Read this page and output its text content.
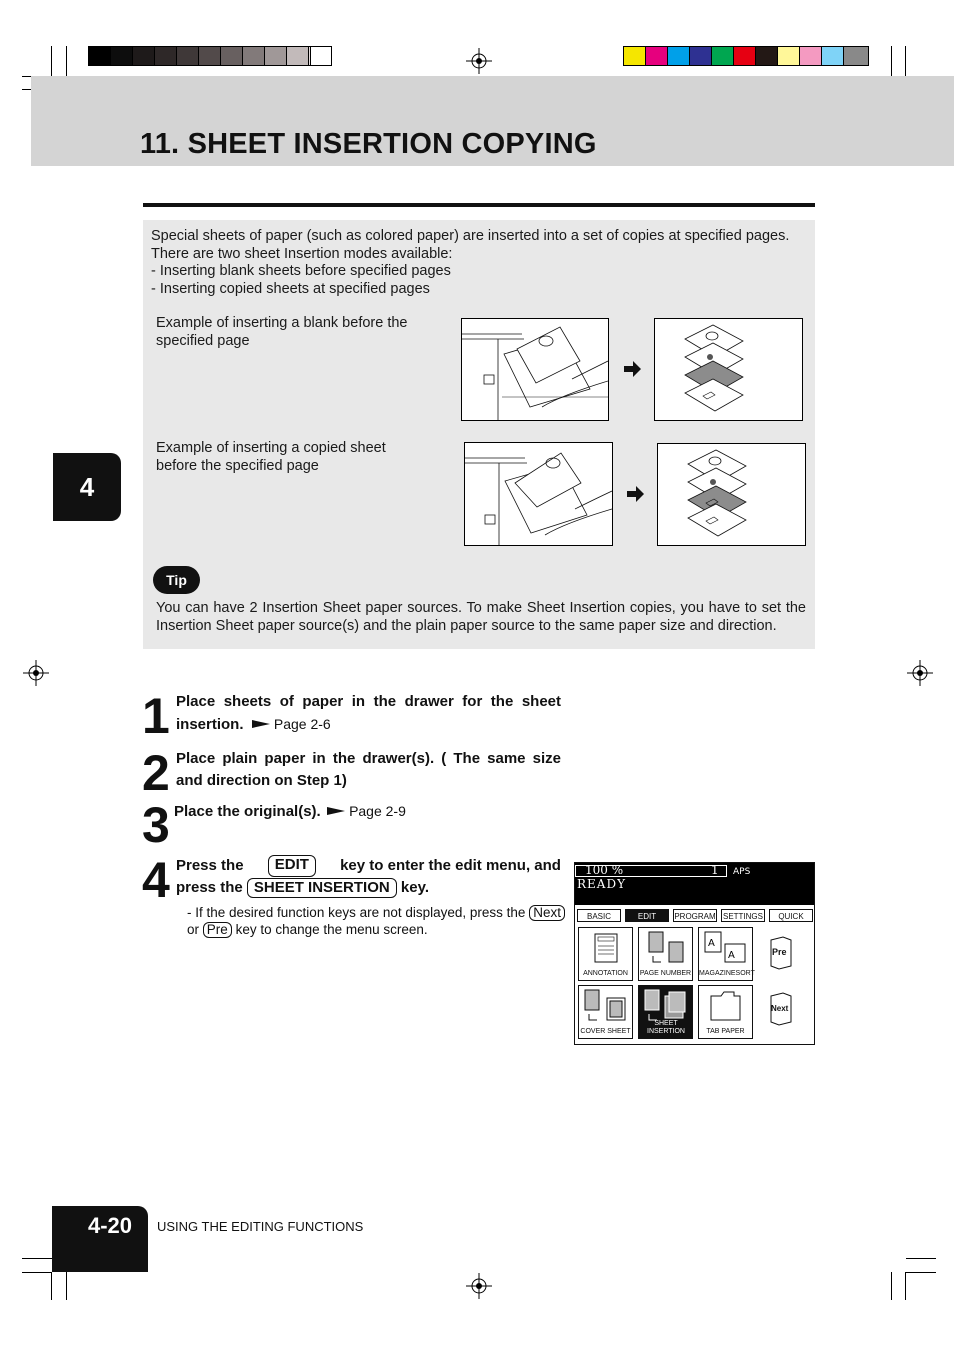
11. SHEET INSERTION COPYING
4
Special sheets of paper (such as colored paper) are inserted into a set of copies at specified pages.
There are two sheet Insertion modes available:
- Inserting blank sheets before specified pages
- Inserting copied sheets at specified pages
Example of inserting a blank before the
specified page
Example of inserting a copied sheet
before the specified page
Tip
You can have 2 Insertion Sheet paper sources. To make Sheet Insertion copies, you have to set the Insertion Sheet paper source(s) and the plain paper source to the same paper size and direction.
1 Place sheets of paper in the drawer for the sheet
insertion. Page 2-6
2 Place plain paper in the drawer(s). ( The same size
and direction on Step 1)
3 Place the original(s). Page 2-9
4 Press the	EDIT	key to enter the edit menu, and
press the SHEET INSERTION key.
- If the desired function keys are not displayed, press the Next
or Pre key to change the menu screen.
100 %	1 APS
READY
BASIC	EDIT	PROGRAM SETTINGS	QUICK
ANNOTATION	PAGE NUMBER
A
A
MAGAZINESORT
Pre
COVER SHEET
SHEET INSERTION	TAB PAPER
Next
4-20 USING THE EDITING FUNCTIONS
